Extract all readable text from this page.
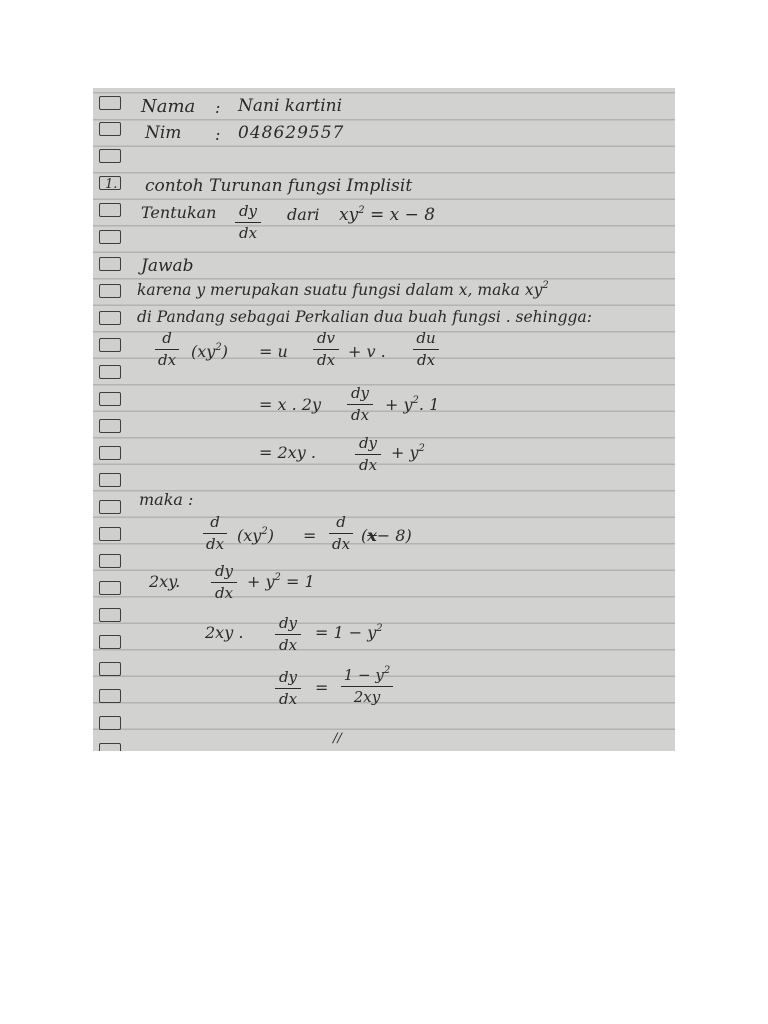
Nama : Nani kartini
Nim : 048629557
1. contoh Turunan fungsi Implisit
Tentukan dy
dx
dari $xy^2 = x - 8$
Jawab
karena y merupakan suatu fungsi dalam x, maka $xy^2$
di Pandang sebagai Perkalian dua buah fungsi . sehingga:
d
dx $(xy^2) = u$
dv
dx + v .
du
dx
= x . 2y
dy
dx
+ $y^2$. 1
= 2xy .	dy
dx
+ $y^2$
maka :
d
dx $(xy^2)$ =
d
dx (x− 8)
2xy.
dy
dx
+ $y^2 = 1$
2xy . dy
dx
= $1 - y^2$
dy
dx
=
$1 - y^2$
2xy
//
